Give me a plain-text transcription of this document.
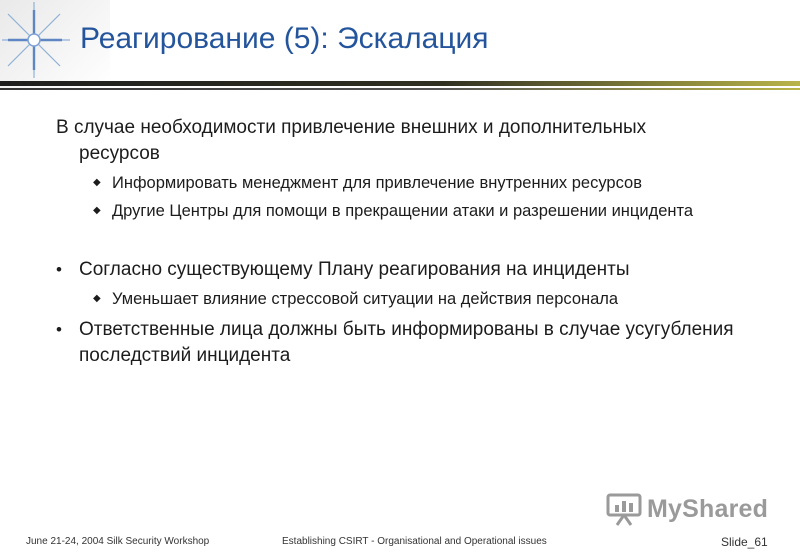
Реагирование (5): Эскалация

В случае необходимости привлечение внешних и дополнительных
ресурсов

◆ Информировать менеджмент для привлечение внутренних ресурсов
◆ Другие Центры для помощи в прекращении атаки и разрешении инцидента
• Согласно существующему Плану реагирования на инциденты
◆ Уменьшает влияние стрессовой ситуации на действия персонала
• Ответственные лица должны быть информированы в случае усугубления последствий инцидента
MyShared
June 21-24, 2004 Silk Security Workshop	Establishing CSIRT - Organisational and Operational issues	Slide_61
